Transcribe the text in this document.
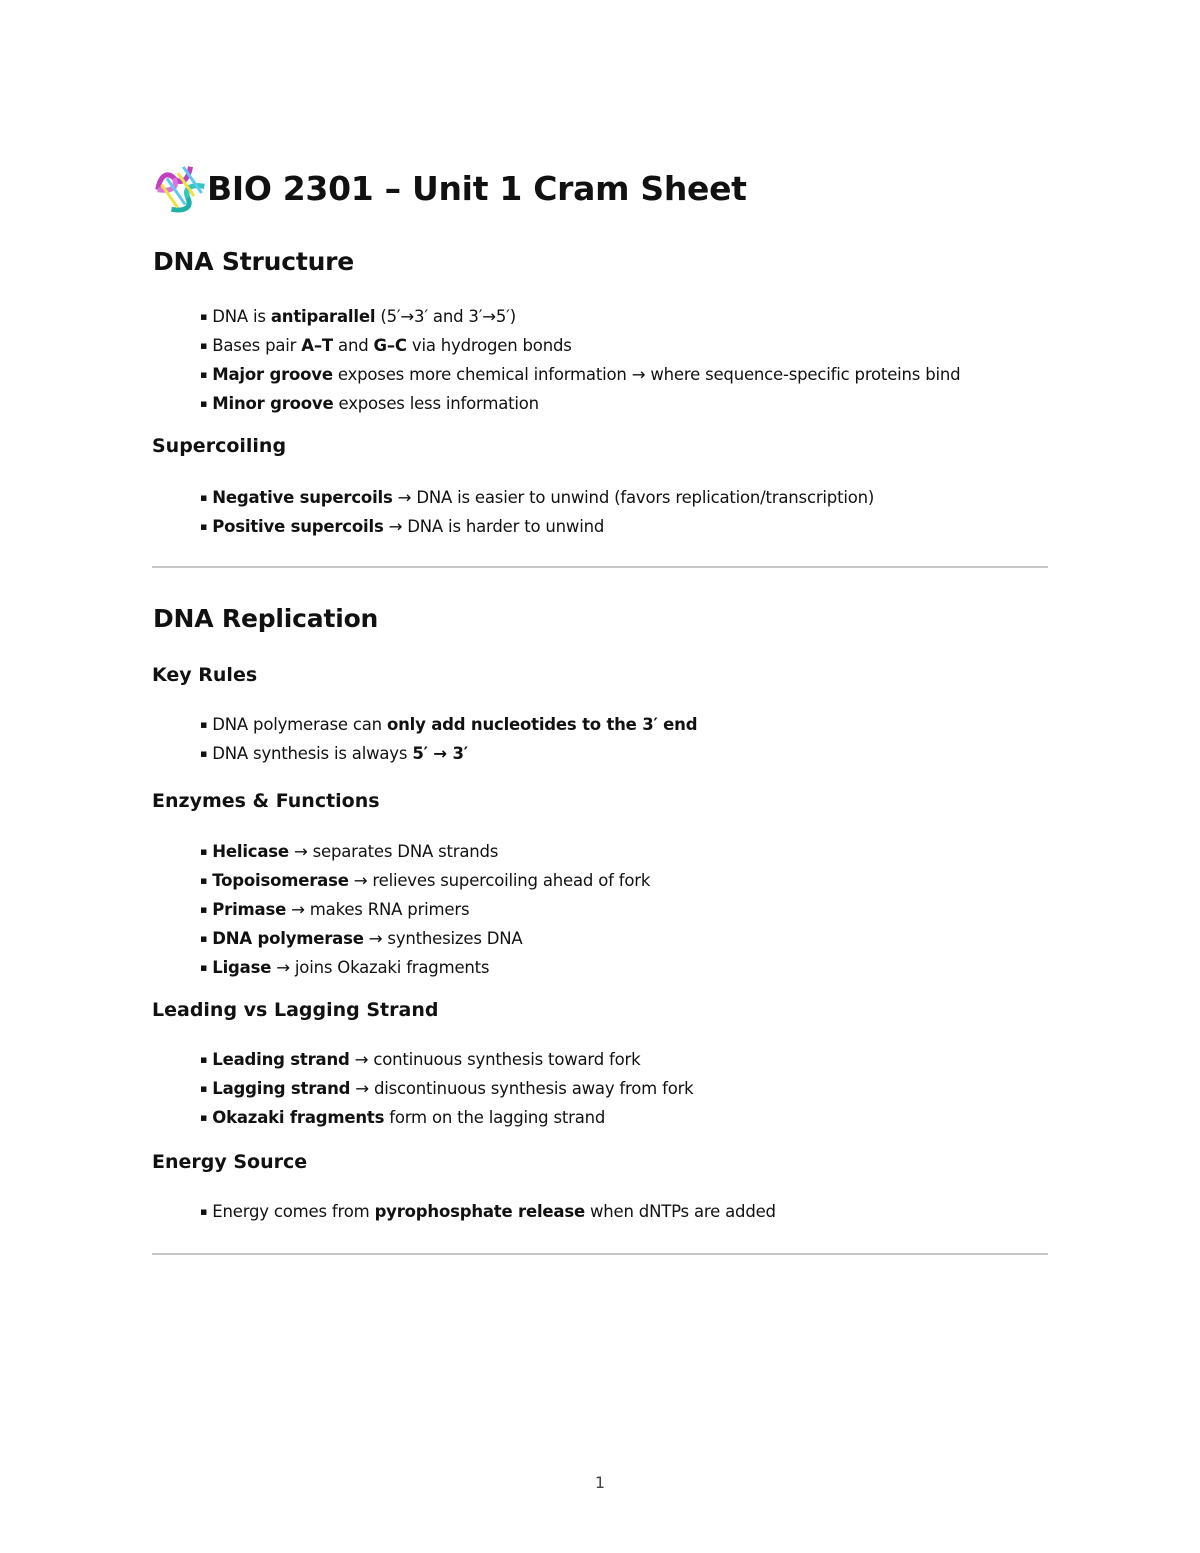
BIO 2301 – Unit 1 Cram Sheet
DNA Structure
▪ DNA is antiparallel (5′→3′ and 3′→5′)
▪ Bases pair A–T and G–C via hydrogen bonds
▪ Major groove exposes more chemical information → where sequence-specific proteins bind
▪ Minor groove exposes less information
Supercoiling
▪ Negative supercoils → DNA is easier to unwind (favors replication/transcription)
▪ Positive supercoils → DNA is harder to unwind
DNA Replication
Key Rules
▪ DNA polymerase can only add nucleotides to the 3′ end
▪ DNA synthesis is always 5′ → 3′
Enzymes & Functions
▪ Helicase → separates DNA strands
▪ Topoisomerase → relieves supercoiling ahead of fork
▪ Primase → makes RNA primers
▪ DNA polymerase → synthesizes DNA
▪ Ligase → joins Okazaki fragments
Leading vs Lagging Strand
▪ Leading strand → continuous synthesis toward fork
▪ Lagging strand → discontinuous synthesis away from fork
▪ Okazaki fragments form on the lagging strand
Energy Source
▪ Energy comes from pyrophosphate release when dNTPs are added
1
